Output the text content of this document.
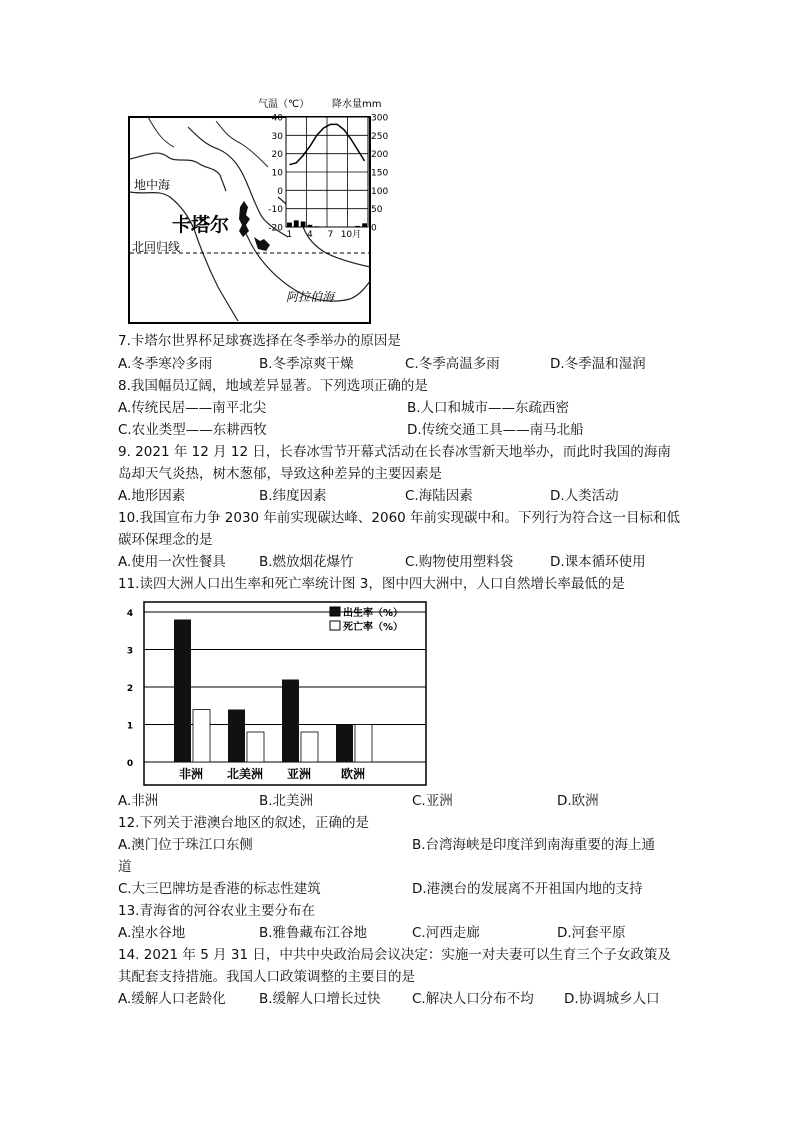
地中海
北回归线
卡塔尔
阿拉伯海
气温（℃） 降水量mm
40
30
20
10
0
-10
-20
300
250
200
150
100
50
0
1 4 7 10月
7.卡塔尔世界杯足球赛选择在冬季举办的原因是
A.冬季寒冷多雨	B.冬季凉爽干燥	C.冬季高温多雨	D.冬季温和湿润
8.我国幅员辽阔，地域差异显著。下列选项正确的是
A.传统民居——南平北尖	B.人口和城市——东疏西密
C.农业类型——东耕西牧	D.传统交通工具——南马北船
9. 2021 年 12 月 12 日，长春冰雪节开幕式活动在长春冰雪新天地举办，而此时我国的海南
岛却天气炎热，树木葱郁，导致这种差异的主要因素是
A.地形因素	B.纬度因素	C.海陆因素	D.人类活动
10.我国宣布力争 2030 年前实现碳达峰、2060 年前实现碳中和。下列行为符合这一目标和低
碳环保理念的是
A.使用一次性餐具 B.燃放烟花爆竹	C.购物使用塑料袋	D.课本循环使用
11.读四大洲人口出生率和死亡率统计图 3，图中四大洲中，人口自然增长率最低的是
4
3
2
1
0
非洲 北美洲 亚洲 欧洲
出生率（%）
死亡率（%）
A.非洲	B.北美洲	C.亚洲	D.欧洲
12.下列关于港澳台地区的叙述，正确的是
A.澳门位于珠江口东侧	B.台湾海峡是印度洋到南海重要的海上通
道
C.大三巴牌坊是香港的标志性建筑	D.港澳台的发展离不开祖国内地的支持
13.青海省的河谷农业主要分布在
A.湟水谷地	B.雅鲁藏布江谷地	C.河西走廊	D.河套平原
14. 2021 年 5 月 31 日，中共中央政治局会议决定：实施一对夫妻可以生育三个子女政策及
其配套支持措施。我国人口政策调整的主要目的是
A.缓解人口老龄化 B.缓解人口增长过快 C.解决人口分布不均 D.协调城乡人口
